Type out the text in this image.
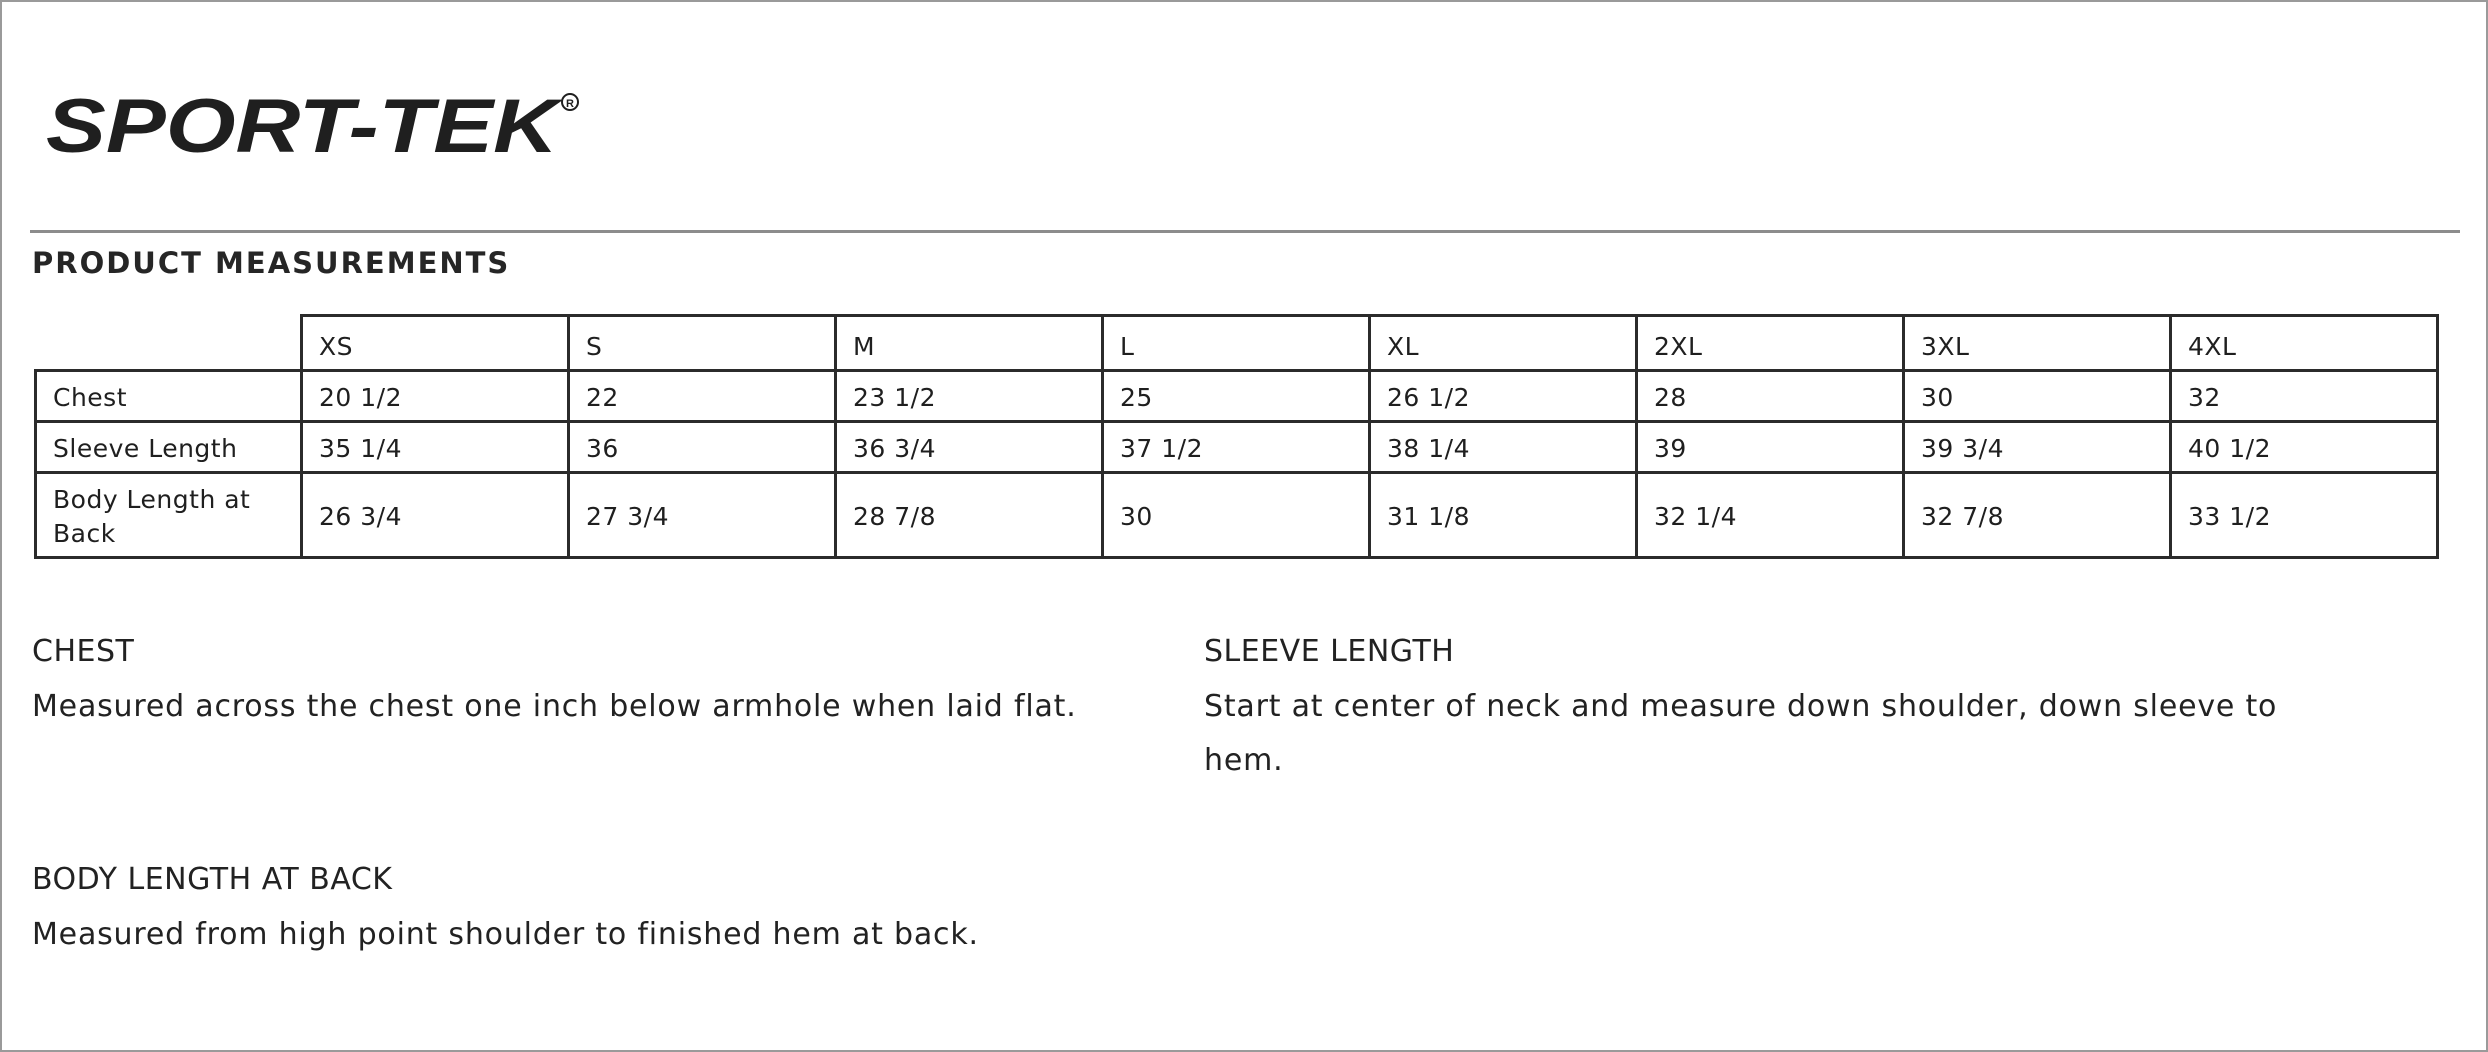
SPORT-TEK R
PRODUCT MEASUREMENTS
	XS	S	M	L	XL	2XL	3XL	4XL
Chest	20 1/2	22	23 1/2	25	26 1/2	28	30	32
Sleeve Length	35 1/4	36	36 3/4	37 1/2	38 1/4	39	39 3/4	40 1/2
Body Length at Back	26 3/4	27 3/4	28 7/8	30	31 1/8	32 1/4	32 7/8	33 1/2
CHEST
Measured across the chest one inch below armhole when laid flat.
SLEEVE LENGTH
Start at center of neck and measure down shoulder, down sleeve to hem.
BODY LENGTH AT BACK
Measured from high point shoulder to finished hem at back.
